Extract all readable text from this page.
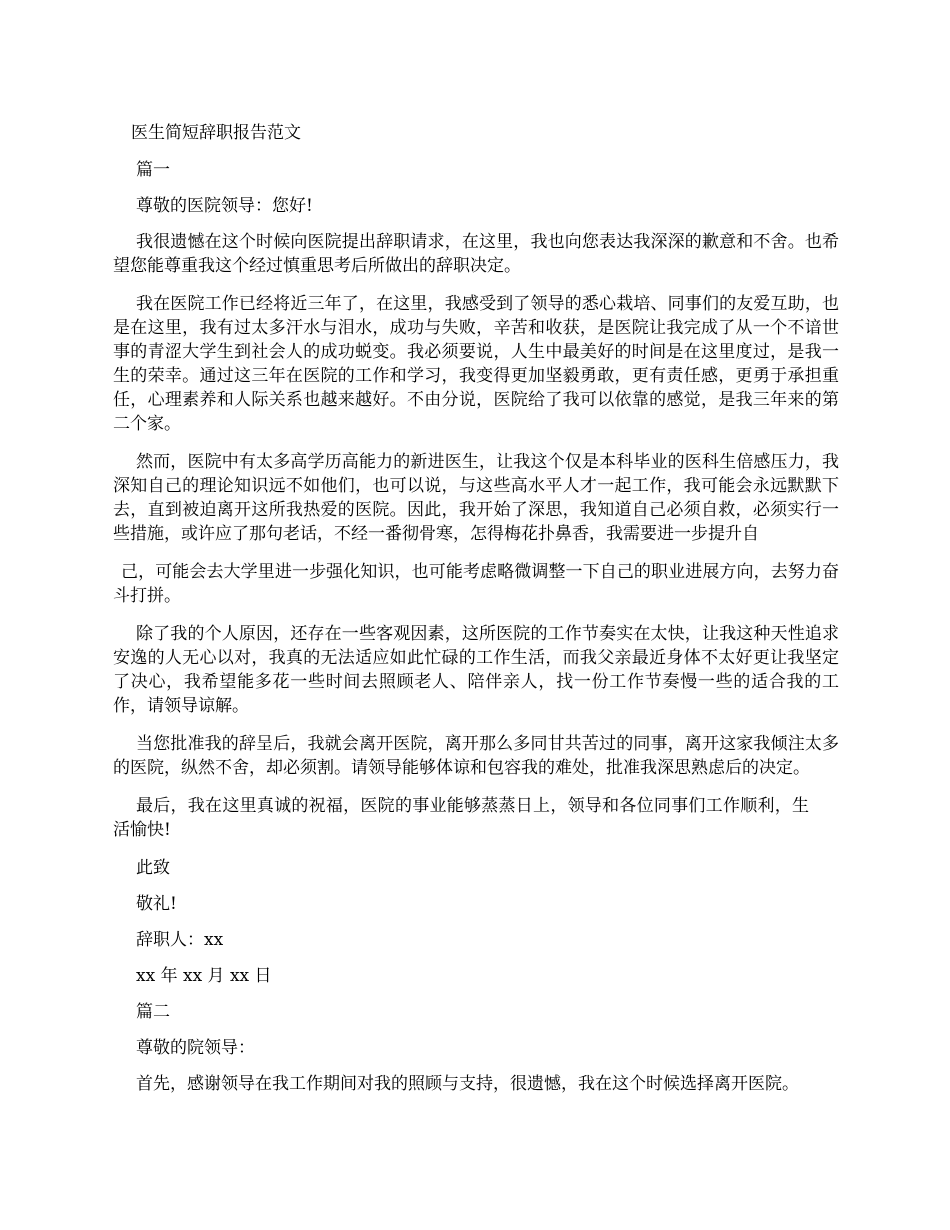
医生简短辞职报告范文

篇一

尊敬的医院领导：您好!

我很遗憾在这个时候向医院提出辞职请求，在这里，我也向您表达我深深的歉意和不舍。也希望您能尊重我这个经过慎重思考后所做出的辞职决定。

我在医院工作已经将近三年了，在这里，我感受到了领导的悉心栽培、同事们的友爱互助，也是在这里，我有过太多汗水与泪水，成功与失败，辛苦和收获，是医院让我完成了从一个不谙世事的青涩大学生到社会人的成功蜕变。我必须要说，人生中最美好的时间是在这里度过，是我一生的荣幸。通过这三年在医院的工作和学习，我变得更加坚毅勇敢，更有责任感，更勇于承担重任，心理素养和人际关系也越来越好。不由分说，医院给了我可以依靠的感觉，是我三年来的第二个家。

然而，医院中有太多高学历高能力的新进医生，让我这个仅是本科毕业的医科生倍感压力，我深知自己的理论知识远不如他们，也可以说，与这些高水平人才一起工作，我可能会永远默默下去，直到被迫离开这所我热爱的医院。因此，我开始了深思，我知道自己必须自救，必须实行一些措施，或许应了那句老话，不经一番彻骨寒，怎得梅花扑鼻香，我需要进一步提升自

己，可能会去大学里进一步强化知识，也可能考虑略微调整一下自己的职业进展方向，去努力奋斗打拼。

除了我的个人原因，还存在一些客观因素，这所医院的工作节奏实在太快，让我这种天性追求安逸的人无心以对，我真的无法适应如此忙碌的工作生活，而我父亲最近身体不太好更让我坚定了决心，我希望能多花一些时间去照顾老人、陪伴亲人，找一份工作节奏慢一些的适合我的工作，请领导谅解。

当您批准我的辞呈后，我就会离开医院，离开那么多同甘共苦过的同事，离开这家我倾注太多的医院，纵然不舍，却必须割。请领导能够体谅和包容我的难处，批准我深思熟虑后的决定。

最后，我在这里真诚的祝福，医院的事业能够蒸蒸日上，领导和各位同事们工作顺利，生活愉快!

此致

敬礼!

辞职人：xx

xx 年 xx 月 xx 日

篇二

尊敬的院领导：

首先，感谢领导在我工作期间对我的照顾与支持，很遗憾，我在这个时候选择离开医院。
